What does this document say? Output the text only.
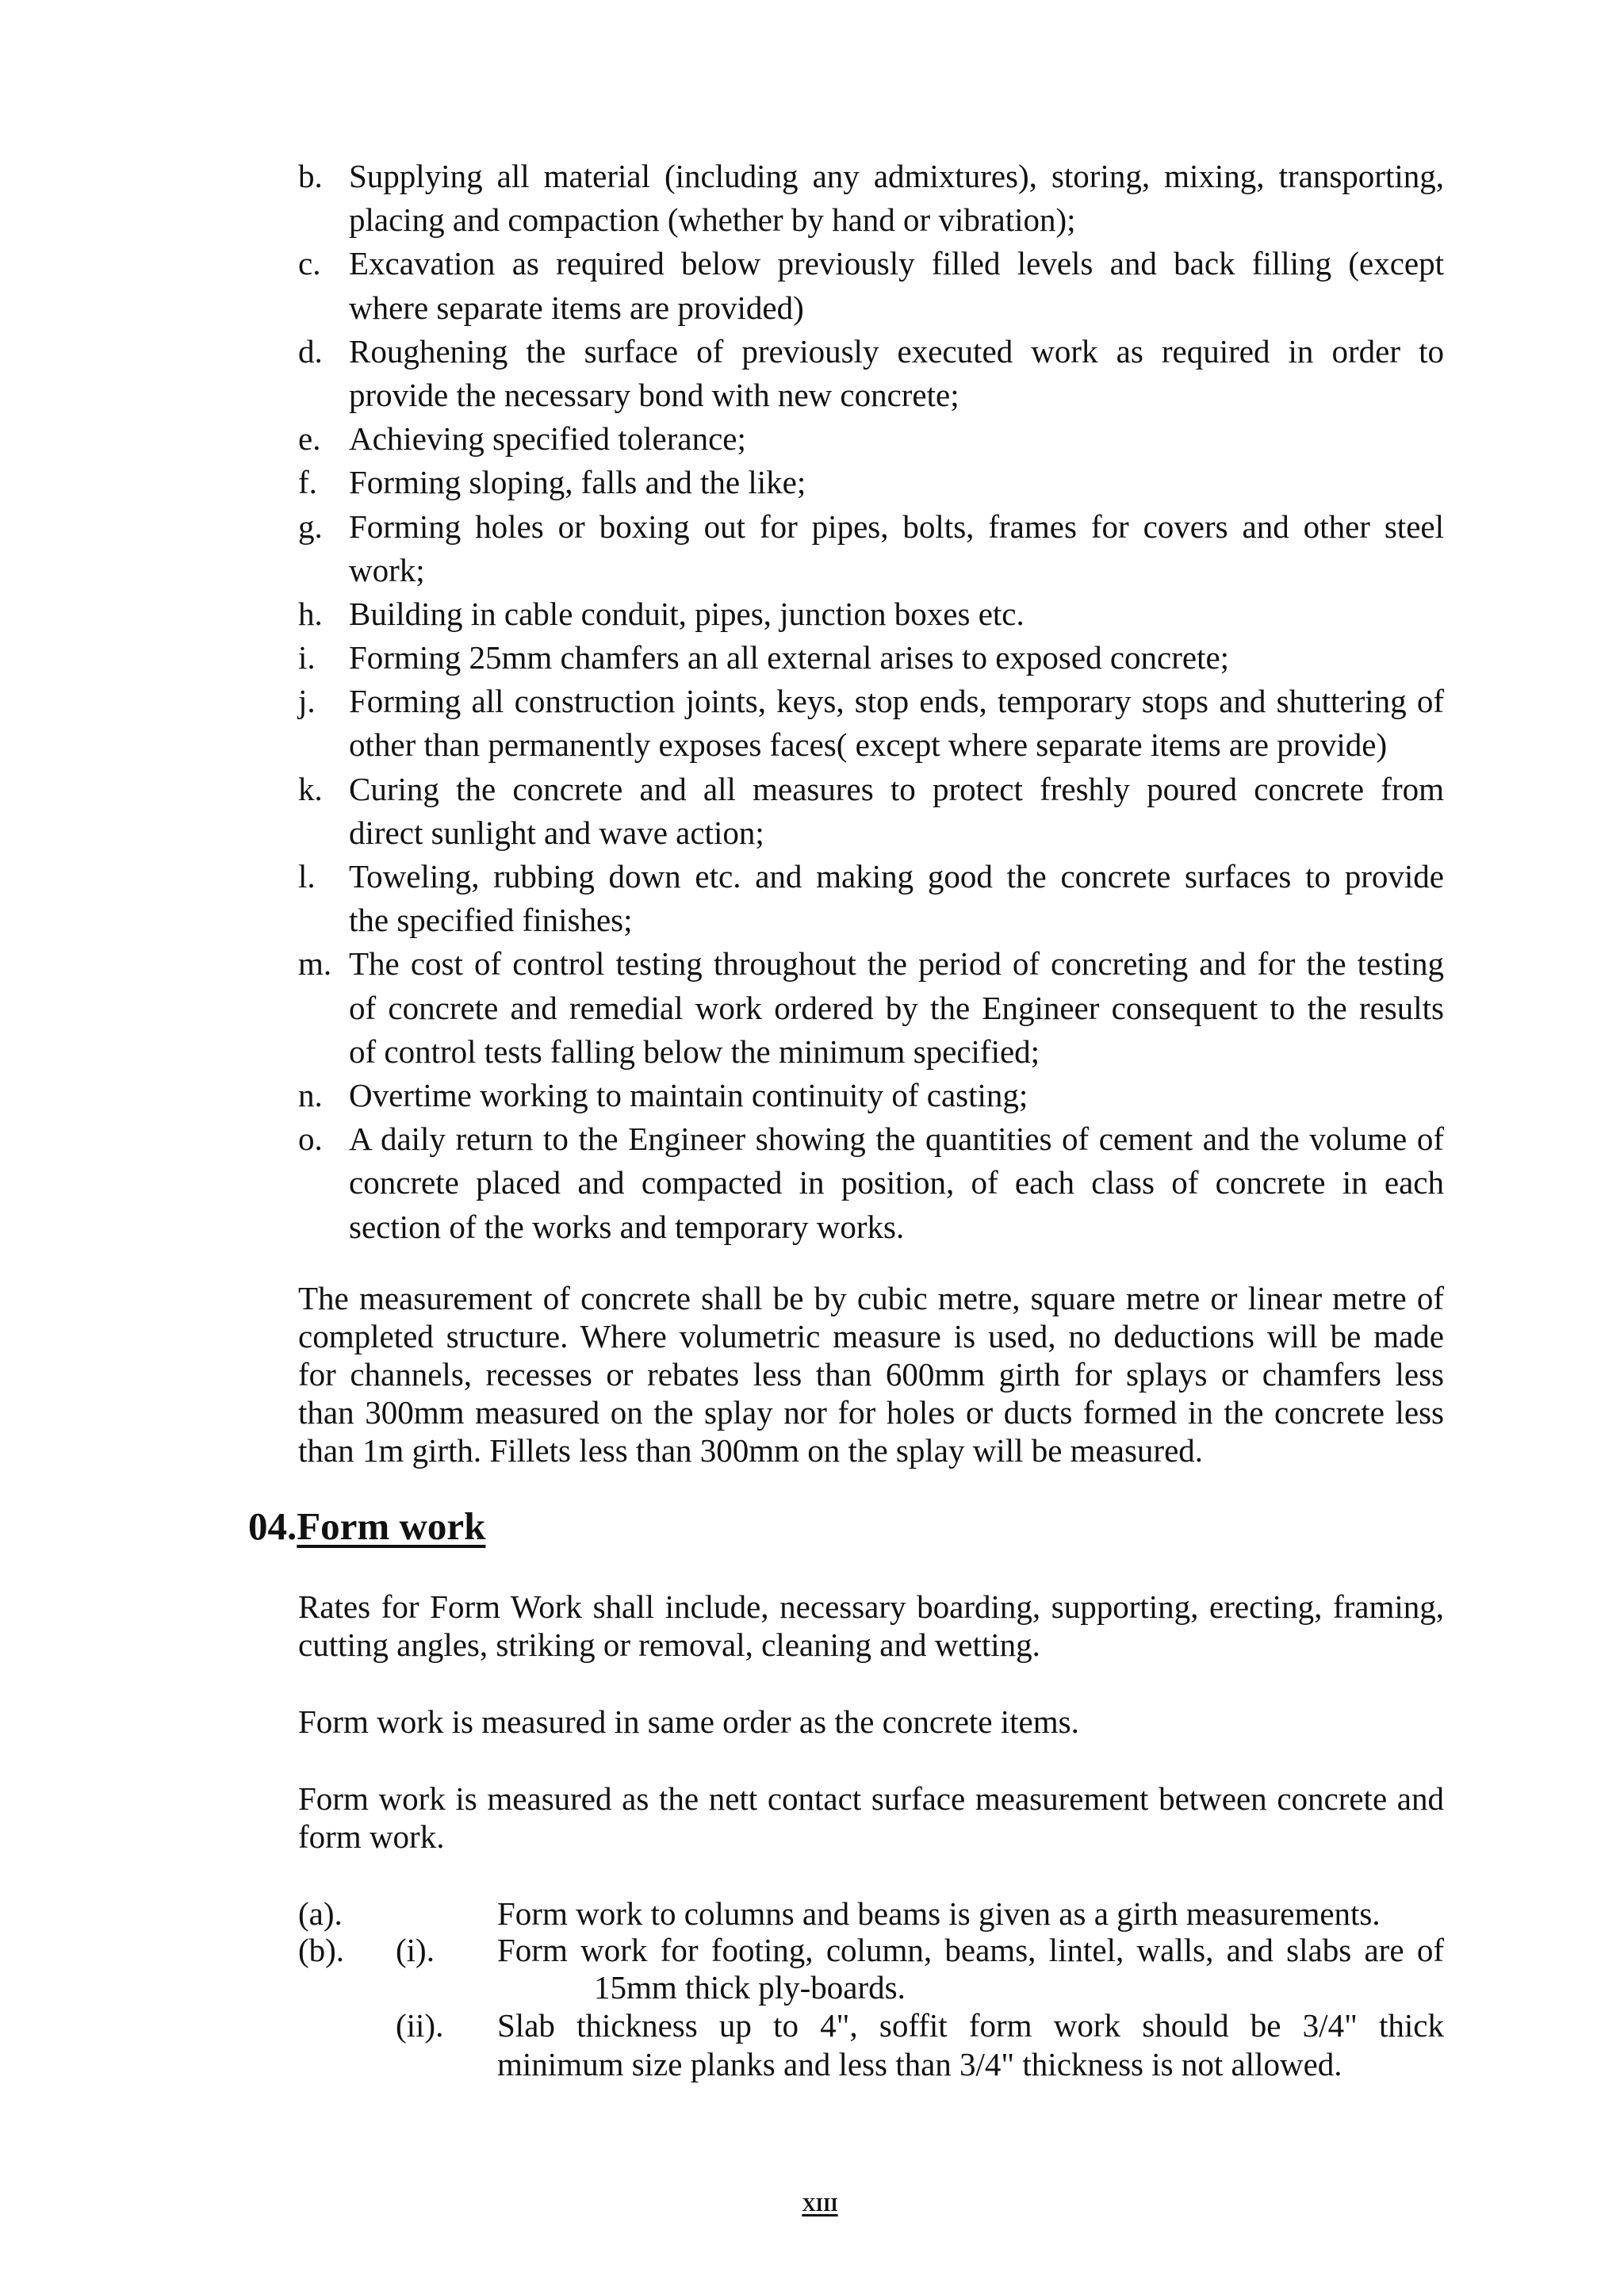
b. Supplying all material (including any admixtures), storing, mixing, transporting,
placing and compaction (whether by hand or vibration);
c. Excavation as required below previously filled levels and back filling (except
where separate items are provided)
d. Roughening the surface of previously executed work as required in order to
provide the necessary bond with new concrete;
e. Achieving specified tolerance;
f. Forming sloping, falls and the like;
g. Forming holes or boxing out for pipes, bolts, frames for covers and other steel
work;
h. Building in cable conduit, pipes, junction boxes etc.
i. Forming 25mm chamfers an all external arises to exposed concrete;
j. Forming all construction joints, keys, stop ends, temporary stops and shuttering of
other than permanently exposes faces( except where separate items are provide)
k. Curing the concrete and all measures to protect freshly poured concrete from
direct sunlight and wave action;
l. Toweling, rubbing down etc. and making good the concrete surfaces to provide
the specified finishes;
m. The cost of control testing throughout the period of concreting and for the testing
of concrete and remedial work ordered by the Engineer consequent to the results
of control tests falling below the minimum specified;
n. Overtime working to maintain continuity of casting;
o. A daily return to the Engineer showing the quantities of cement and the volume of
concrete placed and compacted in position, of each class of concrete in each
section of the works and temporary works.
The measurement of concrete shall be by cubic metre, square metre or linear metre of
completed structure. Where volumetric measure is used, no deductions will be made
for channels, recesses or rebates less than 600mm girth for splays or chamfers less
than 300mm measured on the splay nor for holes or ducts formed in the concrete less
than 1m girth. Fillets less than 300mm on the splay will be measured.
04.Form work
Rates for Form Work shall include, necessary boarding, supporting, erecting, framing,
cutting angles, striking or removal, cleaning and wetting.
Form work is measured in same order as the concrete items.
Form work is measured as the nett contact surface measurement between concrete and
form work.
(a).	Form work to columns and beams is given as a girth measurements.
(b). (i). Form work for footing, column, beams, lintel, walls, and slabs are of
15mm thick ply-boards.
(ii). Slab thickness up to 4", soffit form work should be 3/4" thick
minimum size planks and less than 3/4" thickness is not allowed.
xiii
